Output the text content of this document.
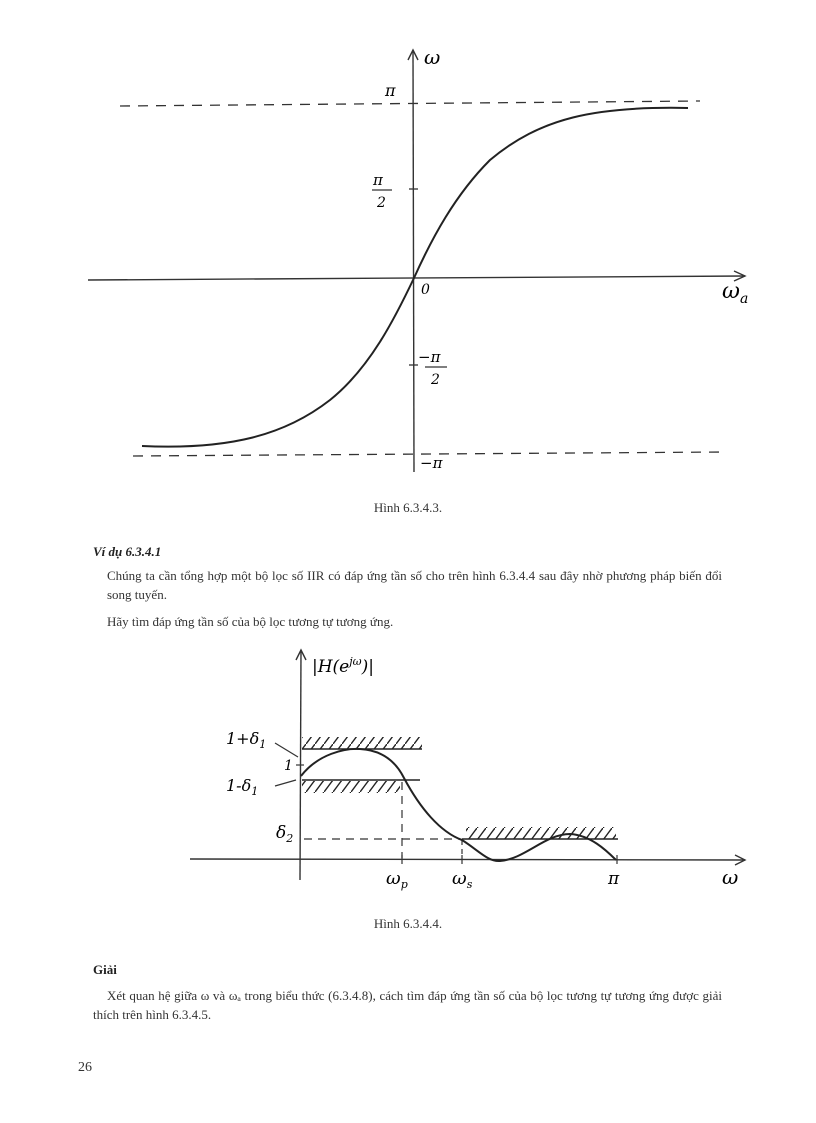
ω
π
π
2
0	$\omega_a$
−π
2
−π
Hình 6.3.4.3.
Ví dụ 6.3.4.1
Chúng ta cần tổng hợp một bộ lọc số IIR có đáp ứng tần số cho trên hình 6.3.4.4 sau đây nhờ phương pháp biến đổi song tuyến.
Hãy tìm đáp ứng tần số của bộ lọc tương tự tương ứng.
$|H(e^{j\omega})|$
$1+\delta_1$
1
$1-\delta_1$
$\delta_2$
$\omega_p$ $\omega_s$	π	ω
Hình 6.3.4.4.
Giải
Xét quan hệ giữa ω và ωₐ trong biểu thức (6.3.4.8), cách tìm đáp ứng tần số của bộ lọc tương tự tương ứng được giải thích trên hình 6.3.4.5.
26
